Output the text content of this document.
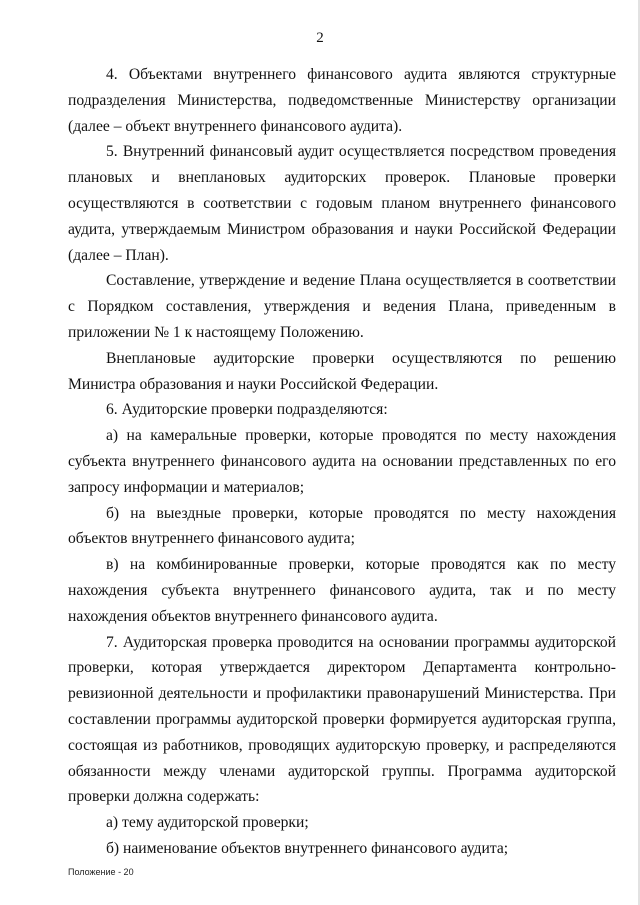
2

4. Объектами внутреннего финансового аудита являются структурные подразделения Министерства, подведомственные Министерству организации (далее – объект внутреннего финансового аудита).

5. Внутренний финансовый аудит осуществляется посредством проведения плановых и внеплановых аудиторских проверок. Плановые проверки осуществляются в соответствии с годовым планом внутреннего финансового аудита, утверждаемым Министром образования и науки Российской Федерации (далее – План).

Составление, утверждение и ведение Плана осуществляется в соответствии с Порядком составления, утверждения и ведения Плана, приведенным в приложении № 1 к настоящему Положению.

Внеплановые аудиторские проверки осуществляются по решению Министра образования и науки Российской Федерации.

6. Аудиторские проверки подразделяются:

а) на камеральные проверки, которые проводятся по месту нахождения субъекта внутреннего финансового аудита на основании представленных по его запросу информации и материалов;

б) на выездные проверки, которые проводятся по месту нахождения объектов внутреннего финансового аудита;

в) на комбинированные проверки, которые проводятся как по месту нахождения субъекта внутреннего финансового аудита, так и по месту нахождения объектов внутреннего финансового аудита.

7. Аудиторская проверка проводится на основании программы аудиторской проверки, которая утверждается директором Департамента контрольно-ревизионной деятельности и профилактики правонарушений Министерства. При составлении программы аудиторской проверки формируется аудиторская группа, состоящая из работников, проводящих аудиторскую проверку, и распределяются обязанности между членами аудиторской группы. Программа аудиторской проверки должна содержать:

а) тему аудиторской проверки;

б) наименование объектов внутреннего финансового аудита;

Положение - 20
